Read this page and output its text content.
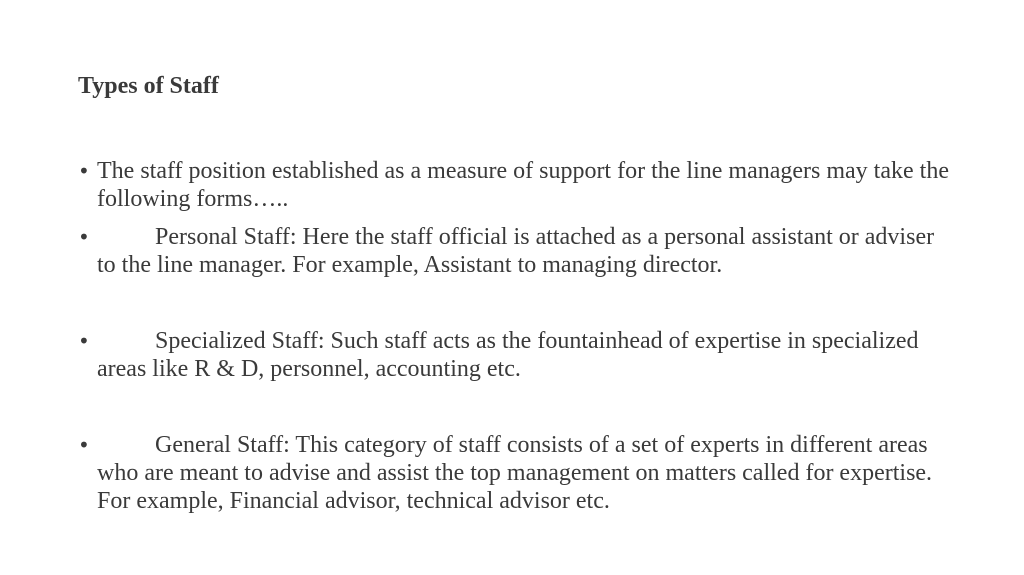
Types of Staff
• The staff position established as a measure of support for the line managers may take the following forms…..
•	Personal Staff: Here the staff official is attached as a personal assistant or adviser to the line manager. For example, Assistant to managing director.
•	Specialized Staff: Such staff acts as the fountainhead of expertise in specialized areas like R & D, personnel, accounting etc.
•	General Staff: This category of staff consists of a set of experts in different areas who are meant to advise and assist the top management on matters called for expertise. For example, Financial advisor, technical advisor etc.
